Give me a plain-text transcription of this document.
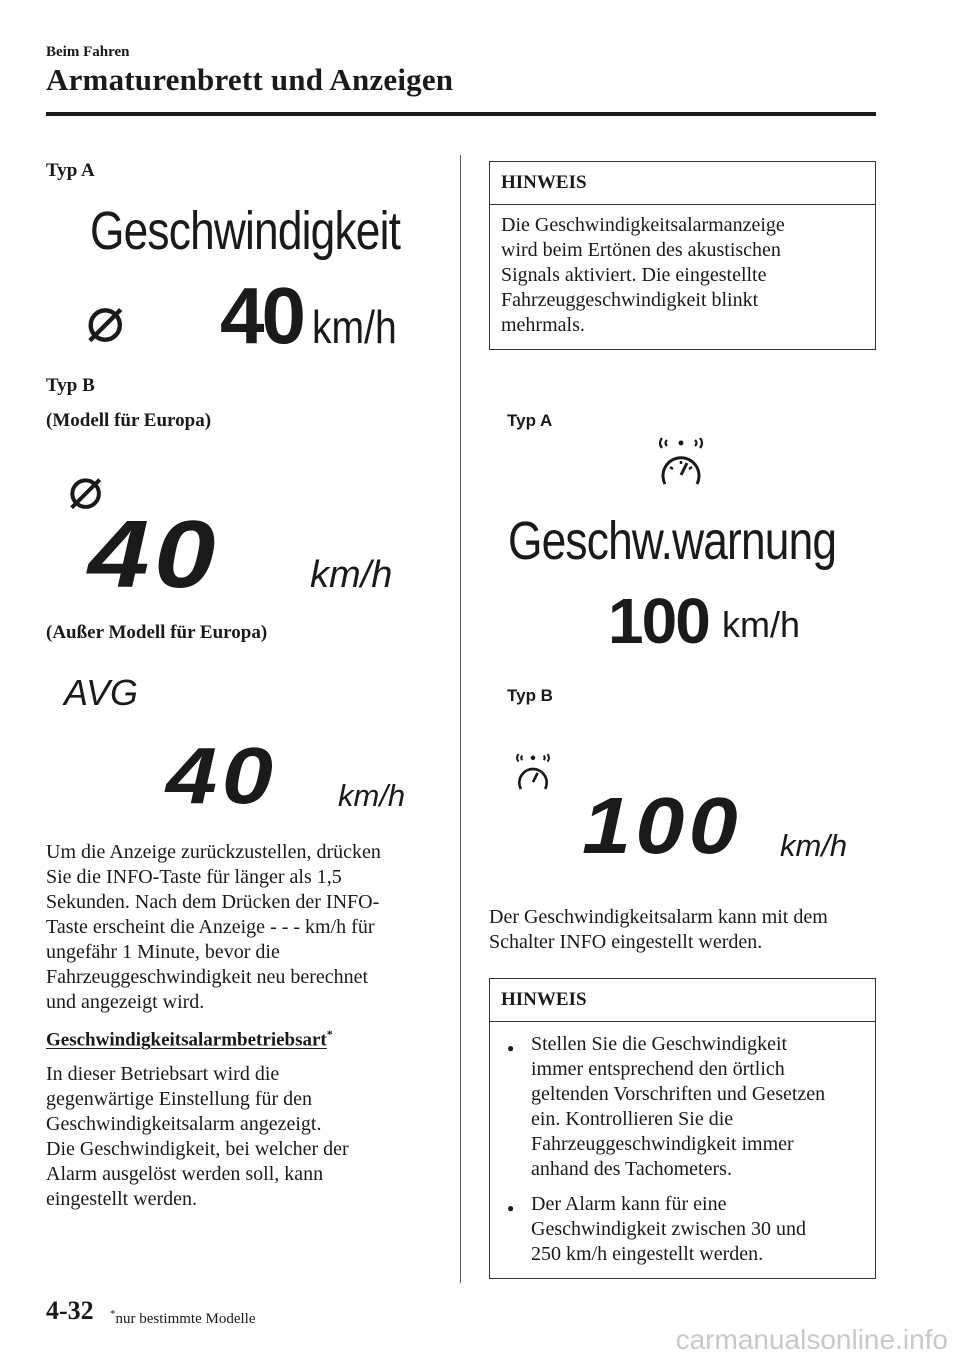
Beim Fahren
Armaturenbrett und Anzeigen
Typ A
Geschwindigkeit
⌀ 40 km/h
Typ B
(Modell für Europa)
⌀
40 km/h
(Außer Modell für Europa)
AVG
40 km/h
Um die Anzeige zurückzustellen, drücken
Sie die INFO-Taste für länger als 1,5
Sekunden. Nach dem Drücken der INFO-
Taste erscheint die Anzeige - - - km/h für
ungefähr 1 Minute, bevor die
Fahrzeuggeschwindigkeit neu berechnet
und angezeigt wird.
Geschwindigkeitsalarmbetriebsart*
In dieser Betriebsart wird die
gegenwärtige Einstellung für den
Geschwindigkeitsalarm angezeigt.
Die Geschwindigkeit, bei welcher der
Alarm ausgelöst werden soll, kann
eingestellt werden.
HINWEIS
Die Geschwindigkeitsalarmanzeige
wird beim Ertönen des akustischen
Signals aktiviert. Die eingestellte
Fahrzeuggeschwindigkeit blinkt
mehrmals.
Typ A
Geschw.warnung
100 km/h
Typ B
100 km/h
Der Geschwindigkeitsalarm kann mit dem
Schalter INFO eingestellt werden.
HINWEIS
● Stellen Sie die Geschwindigkeit
immer entsprechend den örtlich
geltenden Vorschriften und Gesetzen
ein. Kontrollieren Sie die
Fahrzeuggeschwindigkeit immer
anhand des Tachometers.
● Der Alarm kann für eine
Geschwindigkeit zwischen 30 und
250 km/h eingestellt werden.
4-32 *nur bestimmte Modelle
carmanualsonline.info
